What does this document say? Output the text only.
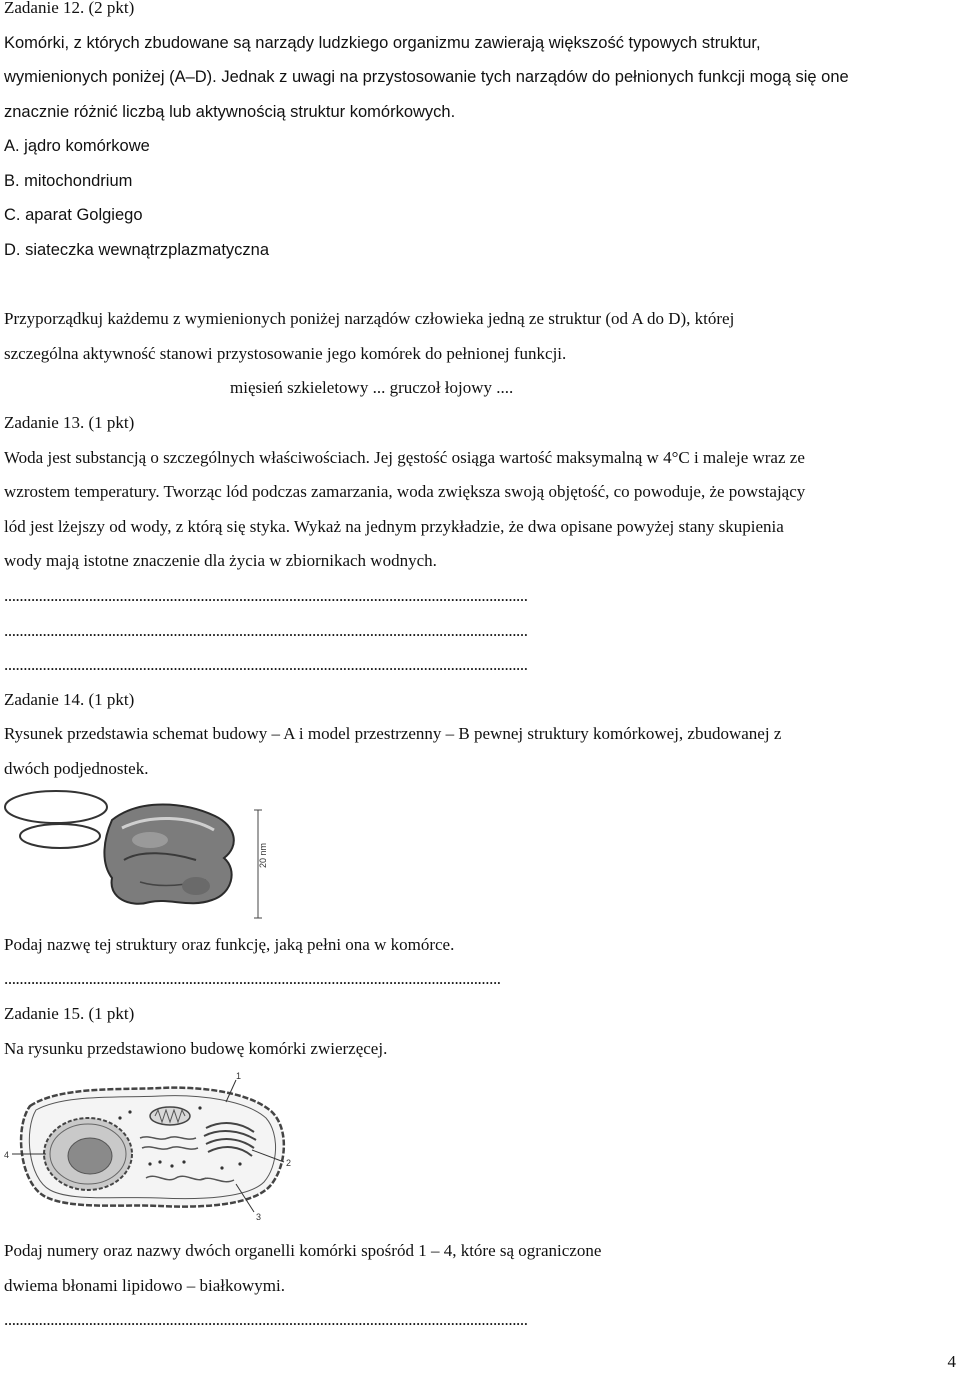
Zadanie 12. (2 pkt)
Komórki, z których zbudowane są narządy ludzkiego organizmu zawierają większość typowych struktur,
wymienionych poniżej (A–D). Jednak z uwagi na przystosowanie tych narządów do pełnionych funkcji mogą się one
znacznie różnić liczbą lub aktywnością struktur komórkowych.
A. jądro komórkowe
B. mitochondrium
C. aparat Golgiego
D. siateczka wewnątrzplazmatyczna
Przyporządkuj każdemu z wymienionych poniżej narządów człowieka jedną ze struktur (od A do D), której
szczególna aktywność stanowi przystosowanie jego komórek do pełnionej funkcji.
mięsień szkieletowy ... gruczoł łojowy ....
Zadanie 13. (1 pkt)
Woda jest substancją o szczególnych właściwościach. Jej gęstość osiąga wartość maksymalną w 4°C i maleje wraz ze
wzrostem temperatury. Tworząc lód podczas zamarzania, woda zwiększa swoją objętość, co powoduje, że powstający
lód jest lżejszy od wody, z którą się styka. Wykaż na jednym przykładzie, że dwa opisane powyżej stany skupienia
wody mają istotne znaczenie dla życia w zbiornikach wodnych.
........................................................................................................................................
........................................................................................................................................
........................................................................................................................................
Zadanie 14. (1 pkt)
Rysunek przedstawia schemat budowy – A i model przestrzenny – B pewnej struktury komórkowej, zbudowanej z
dwóch podjednostek.
20 nm
Podaj nazwę tej struktury oraz funkcję, jaką pełni ona w komórce.
.................................................................................................................................
Zadanie 15. (1 pkt)
Na rysunku przedstawiono budowę komórki zwierzęcej.
1
2
3
4
Podaj numery oraz nazwy dwóch organelli komórki spośród 1 – 4, które są ograniczone
dwiema błonami lipidowo – białkowymi.
........................................................................................................................................
4
